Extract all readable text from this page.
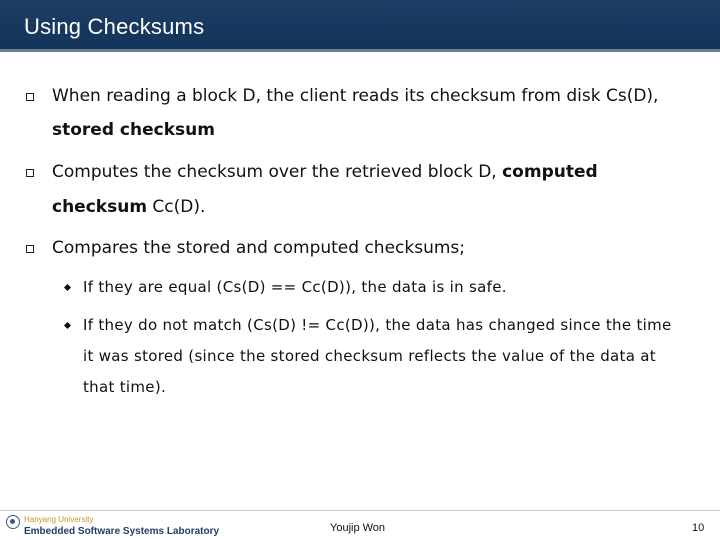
Using Checksums
When reading a block D, the client reads its checksum from disk Cs(D),
stored checksum
Computes the checksum over the retrieved block D, computed
checksum Cc(D).
Compares the stored and computed checksums;
If they are equal (Cs(D) == Cc(D)), the data is in safe.
If they do not match (Cs(D) != Cc(D)), the data has changed since the time
it was stored (since the stored checksum reflects the value of the data at
that time).
Hanyang University
Embedded Software Systems Laboratory	Youjip Won	10
